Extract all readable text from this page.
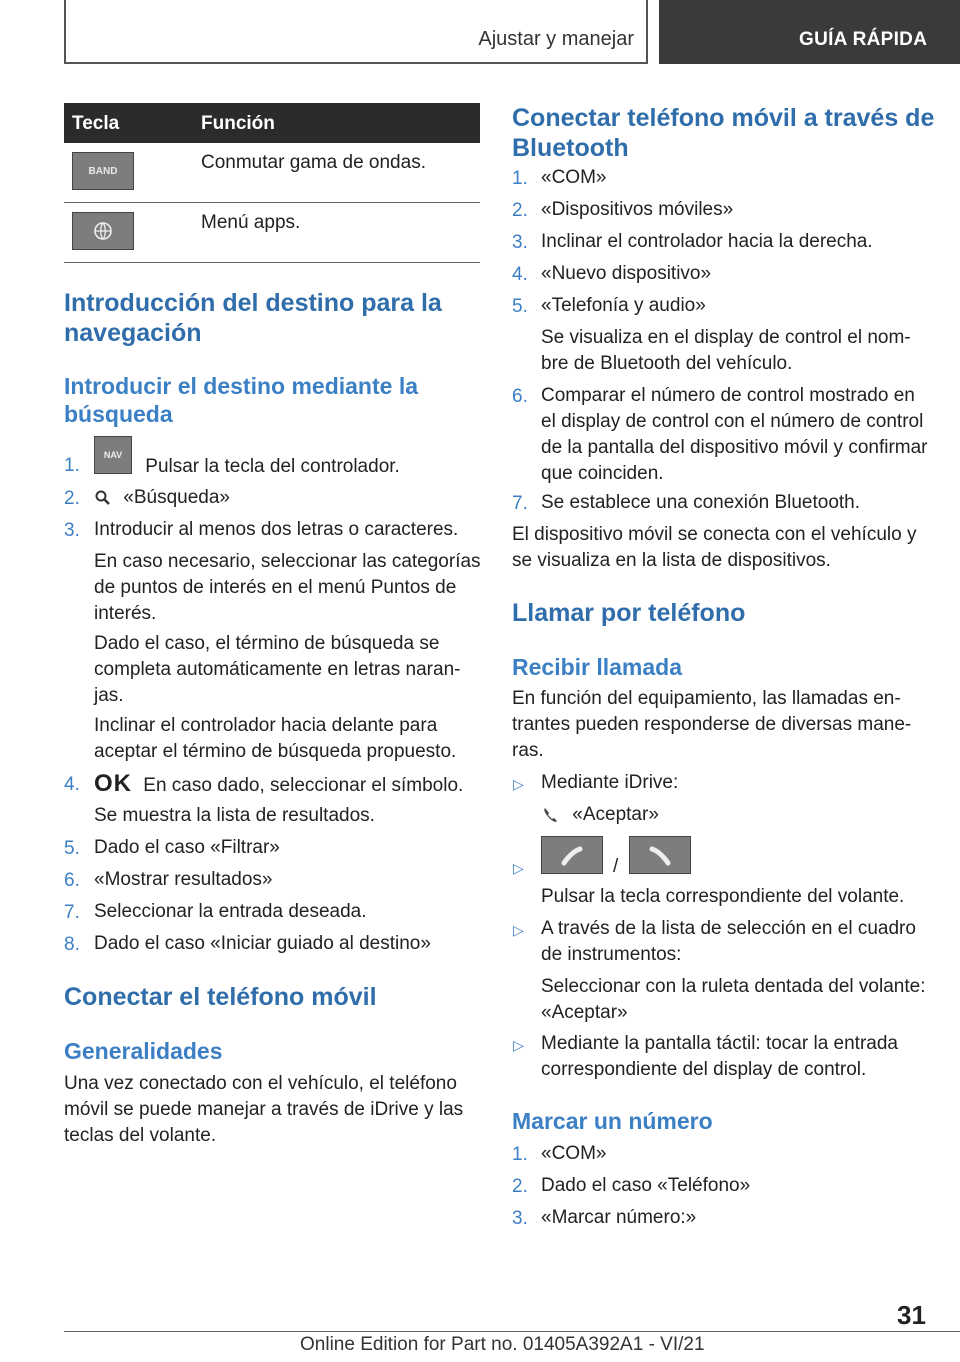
Ajustar y manejar	GUÍA RÁPIDA
Tecla	Función
BAND	Conmutar gama de ondas.
Menú apps.
Introducción del destino para la
navegación
Introducir el destino mediante la
búsqueda
1.	NAV Pulsar la tecla del controlador.
2.	«Búsqueda»
3. Introducir al menos dos letras o caracteres.
En caso necesario, seleccionar las categorías
de puntos de interés en el menú Puntos de
interés.
Dado el caso, el término de búsqueda se
completa automáticamente en letras naran-
jas.
Inclinar el controlador hacia delante para
aceptar el término de búsqueda propuesto.
4. OK En caso dado, seleccionar el símbolo.
Se muestra la lista de resultados.
5. Dado el caso «Filtrar»
6. «Mostrar resultados»
7. Seleccionar la entrada deseada.
8. Dado el caso «Iniciar guiado al destino»
Conectar el teléfono móvil
Generalidades
Una vez conectado con el vehículo, el teléfono
móvil se puede manejar a través de iDrive y las
teclas del volante.
Conectar teléfono móvil a través de
Bluetooth
1. «COM»
2. «Dispositivos móviles»
3. Inclinar el controlador hacia la derecha.
4. «Nuevo dispositivo»
5. «Telefonía y audio»
Se visualiza en el display de control el nom-
bre de Bluetooth del vehículo.
6. Comparar el número de control mostrado en
el display de control con el número de control
de la pantalla del dispositivo móvil y confirmar
que coinciden.
7. Se establece una conexión Bluetooth.
El dispositivo móvil se conecta con el vehículo y
se visualiza en la lista de dispositivos.
Llamar por teléfono
Recibir llamada
En función del equipamiento, las llamadas en-
trantes pueden responderse de diversas mane-
ras.
▷ Mediante iDrive:
«Aceptar»
▷	/
Pulsar la tecla correspondiente del volante.
▷ A través de la lista de selección en el cuadro
de instrumentos:
Seleccionar con la ruleta dentada del volante:
«Aceptar»
▷ Mediante la pantalla táctil: tocar la entrada
correspondiente del display de control.
Marcar un número
1. «COM»
2. Dado el caso «Teléfono»
3. «Marcar número:»
31
Online Edition for Part no. 01405A392A1 - VI/21
